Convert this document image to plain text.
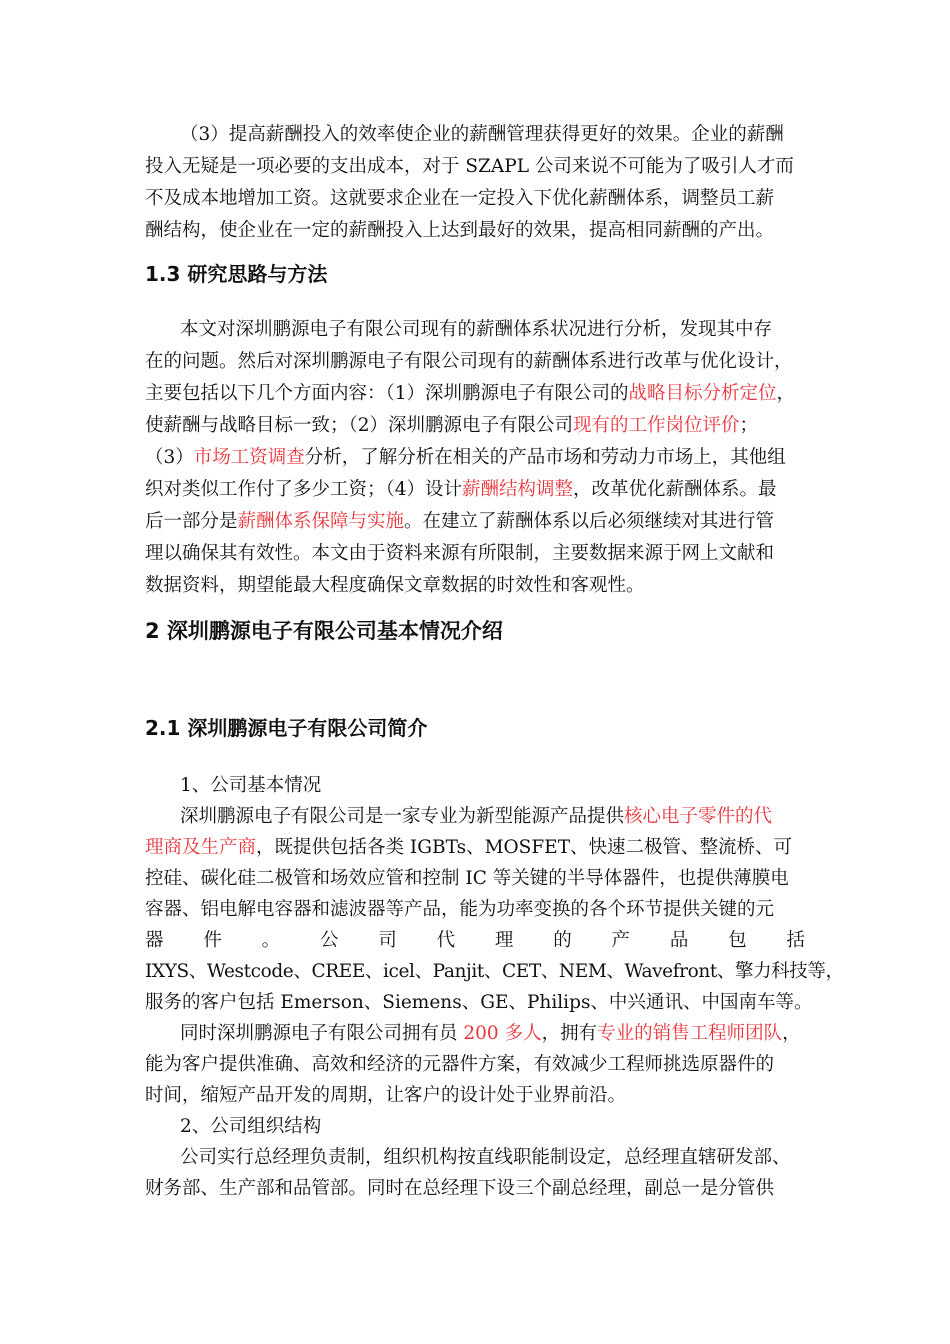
（3）提高薪酬投入的效率使企业的薪酬管理获得更好的效果。企业的薪酬
投入无疑是一项必要的支出成本，对于 SZAPL 公司来说不可能为了吸引人才而
不及成本地增加工资。这就要求企业在一定投入下优化薪酬体系，调整员工薪
酬结构，使企业在一定的薪酬投入上达到最好的效果，提高相同薪酬的产出。
1.3 研究思路与方法
本文对深圳鹏源电子有限公司现有的薪酬体系状况进行分析，发现其中存
在的问题。然后对深圳鹏源电子有限公司现有的薪酬体系进行改革与优化设计，
主要包括以下几个方面内容：（1）深圳鹏源电子有限公司的战略目标分析定位，
使薪酬与战略目标一致；（2）深圳鹏源电子有限公司现有的工作岗位评价；
（3）市场工资调查分析，了解分析在相关的产品市场和劳动力市场上，其他组
织对类似工作付了多少工资；（4）设计薪酬结构调整，改革优化薪酬体系。最
后一部分是薪酬体系保障与实施。在建立了薪酬体系以后必须继续对其进行管
理以确保其有效性。本文由于资料来源有所限制，主要数据来源于网上文献和
数据资料，期望能最大程度确保文章数据的时效性和客观性。
2 深圳鹏源电子有限公司基本情况介绍
2.1 深圳鹏源电子有限公司简介
1、公司基本情况
深圳鹏源电子有限公司是一家专业为新型能源产品提供核心电子零件的代
理商及生产商，既提供包括各类 IGBTs、MOSFET、快速二极管、整流桥、可
控硅、碳化硅二极管和场效应管和控制 IC 等关键的半导体器件，也提供薄膜电
容器、铝电解电容器和滤波器等产品，能为功率变换的各个环节提供关键的元
器 件 。 公 司 代 理 的 产 品 包 括
IXYS、Westcode、CREE、icel、Panjit、CET、NEM、Wavefront、擎力科技等，
服务的客户包括 Emerson、Siemens、GE、Philips、中兴通讯、中国南车等。
同时深圳鹏源电子有限公司拥有员 200 多人，拥有专业的销售工程师团队，
能为客户提供准确、高效和经济的元器件方案，有效减少工程师挑选原器件的
时间，缩短产品开发的周期，让客户的设计处于业界前沿。
2、公司组织结构
公司实行总经理负责制，组织机构按直线职能制设定，总经理直辖研发部、
财务部、生产部和品管部。同时在总经理下设三个副总经理，副总一是分管供
